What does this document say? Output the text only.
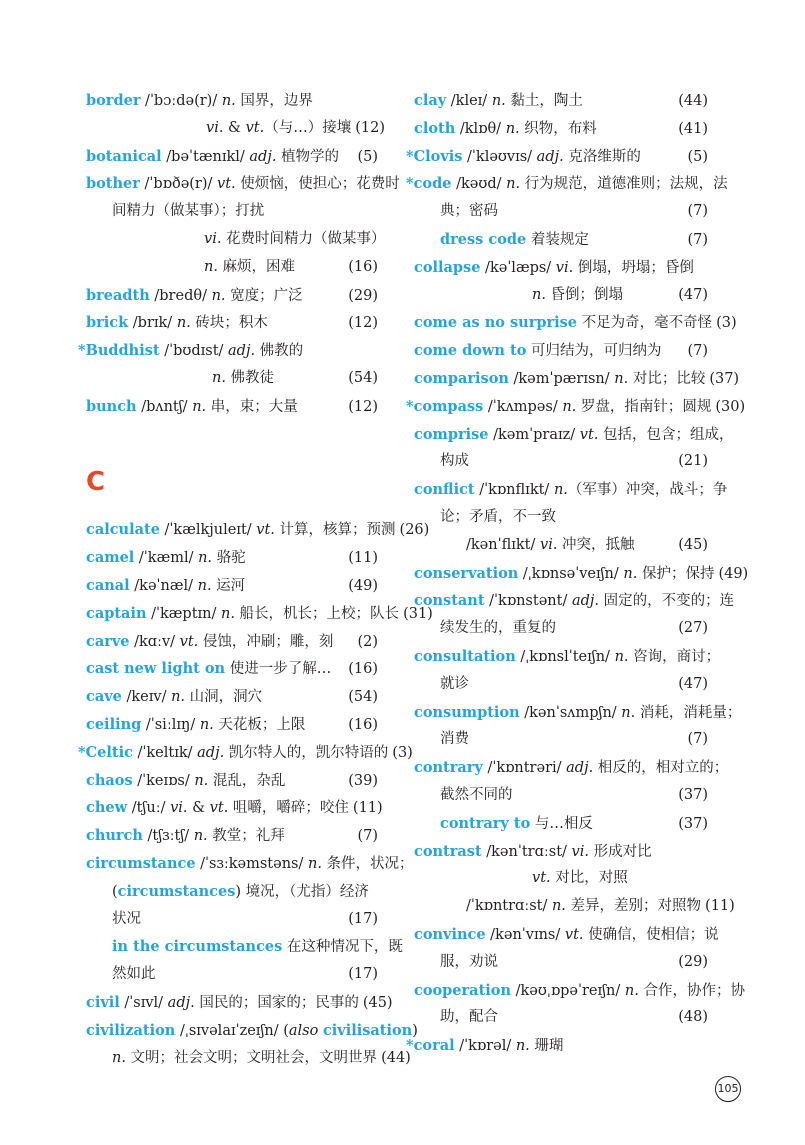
border /ˈbɔːdə(r)/ n. 国界，边界
vi. & vt.（与…）接壤 (12)
botanical /bəˈtænɪkl/ adj. 植物学的	(5)
bother /ˈbɒðə(r)/ vt. 使烦恼，使担心；花费时
间精力（做某事）；打扰
vi. 花费时间精力（做某事）
n. 麻烦，困难	(16)
breadth /bredθ/ n. 宽度；广泛	(29)
brick /brɪk/ n. 砖块；积木	(12)
*Buddhist /ˈbʊdɪst/ adj. 佛教的
n. 佛教徒	(54)
bunch /bʌntʃ/ n. 串，束；大量	(12)
C
calculate /ˈkælkjuleɪt/ vt. 计算，核算；预测 (26)
camel /ˈkæml/ n. 骆驼	(11)
canal /kəˈnæl/ n. 运河	(49)
captain /ˈkæptɪn/ n. 船长，机长；上校；队长 (31)
carve /kɑːv/ vt. 侵蚀，冲刷；雕，刻	(2)
cast new light on 使进一步了解…	(16)
cave /keɪv/ n. 山洞，洞穴	(54)
ceiling /ˈsiːlɪŋ/ n. 天花板；上限	(16)
*Celtic /ˈkeltɪk/ adj. 凯尔特人的，凯尔特语的 (3)
chaos /ˈkeɪɒs/ n. 混乱，杂乱	(39)
chew /tʃuː/ vi. & vt. 咀嚼，嚼碎；咬住 (11)
church /tʃɜːtʃ/ n. 教堂；礼拜	(7)
circumstance /ˈsɜːkəmstəns/ n. 条件，状况；
(circumstances) 境况，（尤指）经济
状况	(17)
in the circumstances 在这种情况下，既
然如此	(17)
civil /ˈsɪvl/ adj. 国民的；国家的；民事的 (45)
civilization /ˌsɪvəlaɪˈzeɪʃn/ (also civilisation)
n. 文明；社会文明；文明社会，文明世界 (44)
clay /kleɪ/ n. 黏土，陶土	(44)
cloth /klɒθ/ n. 织物，布料	(41)
*Clovis /ˈkləʊvɪs/ adj. 克洛维斯的	(5)
*code /kəʊd/ n. 行为规范，道德准则；法规，法
典；密码	(7)
dress code 着装规定	(7)
collapse /kəˈlæps/ vi. 倒塌，坍塌；昏倒
n. 昏倒；倒塌	(47)
come as no surprise 不足为奇，毫不奇怪 (3)
come down to 可归结为，可归纳为	(7)
comparison /kəmˈpærɪsn/ n. 对比；比较 (37)
*compass /ˈkʌmpəs/ n. 罗盘，指南针；圆规 (30)
comprise /kəmˈpraɪz/ vt. 包括，包含；组成，
构成	(21)
conflict /ˈkɒnflɪkt/ n.（军事）冲突，战斗；争
论；矛盾，不一致
/kənˈflɪkt/ vi. 冲突，抵触	(45)
conservation /ˌkɒnsəˈveɪʃn/ n. 保护；保持 (49)
constant /ˈkɒnstənt/ adj. 固定的，不变的；连
续发生的，重复的	(27)
consultation /ˌkɒnslˈteɪʃn/ n. 咨询，商讨；
就诊	(47)
consumption /kənˈsʌmpʃn/ n. 消耗，消耗量；
消费	(7)
contrary /ˈkɒntrəri/ adj. 相反的，相对立的；
截然不同的	(37)
contrary to 与…相反	(37)
contrast /kənˈtrɑːst/ vi. 形成对比
vt. 对比，对照
/ˈkɒntrɑːst/ n. 差异，差别；对照物 (11)
convince /kənˈvɪns/ vt. 使确信，使相信；说
服，劝说	(29)
cooperation /kəʊˌɒpəˈreɪʃn/ n. 合作，协作；协
助，配合	(48)
*coral /ˈkɒrəl/ n. 珊瑚
105
